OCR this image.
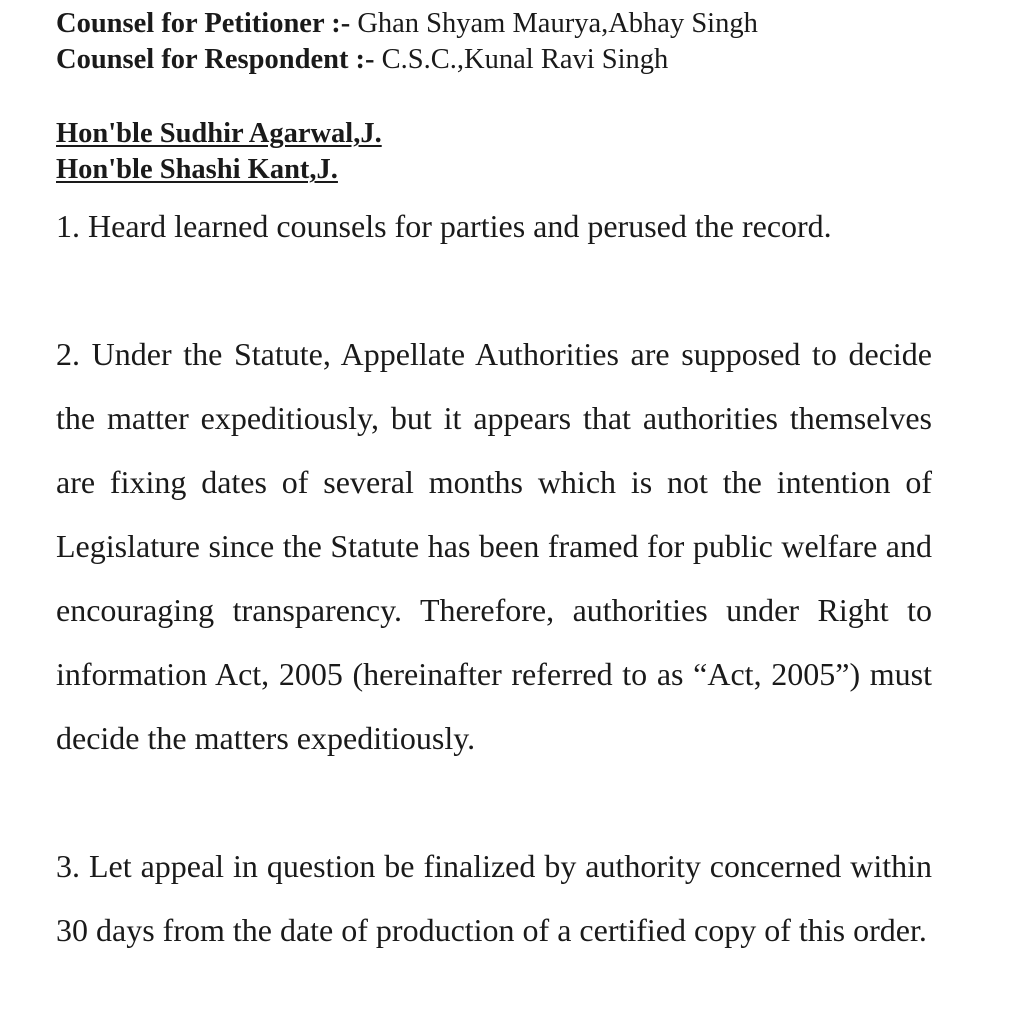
Counsel for Petitioner :- Ghan Shyam Maurya,Abhay Singh
Counsel for Respondent :- C.S.C.,Kunal Ravi Singh
Hon'ble Sudhir Agarwal,J.
Hon'ble Shashi Kant,J.

1. Heard learned counsels for parties and perused the record.

2. Under the Statute, Appellate Authorities are supposed to decide the matter expeditiously, but it appears that authorities themselves are fixing dates of several months which is not the intention of Legislature since the Statute has been framed for public welfare and encouraging transparency. Therefore, authorities under Right to information Act, 2005 (hereinafter referred to as “Act, 2005”) must decide the matters expeditiously.

3. Let appeal in question be finalized by authority concerned within 30 days from the date of production of a certified copy of this order.
